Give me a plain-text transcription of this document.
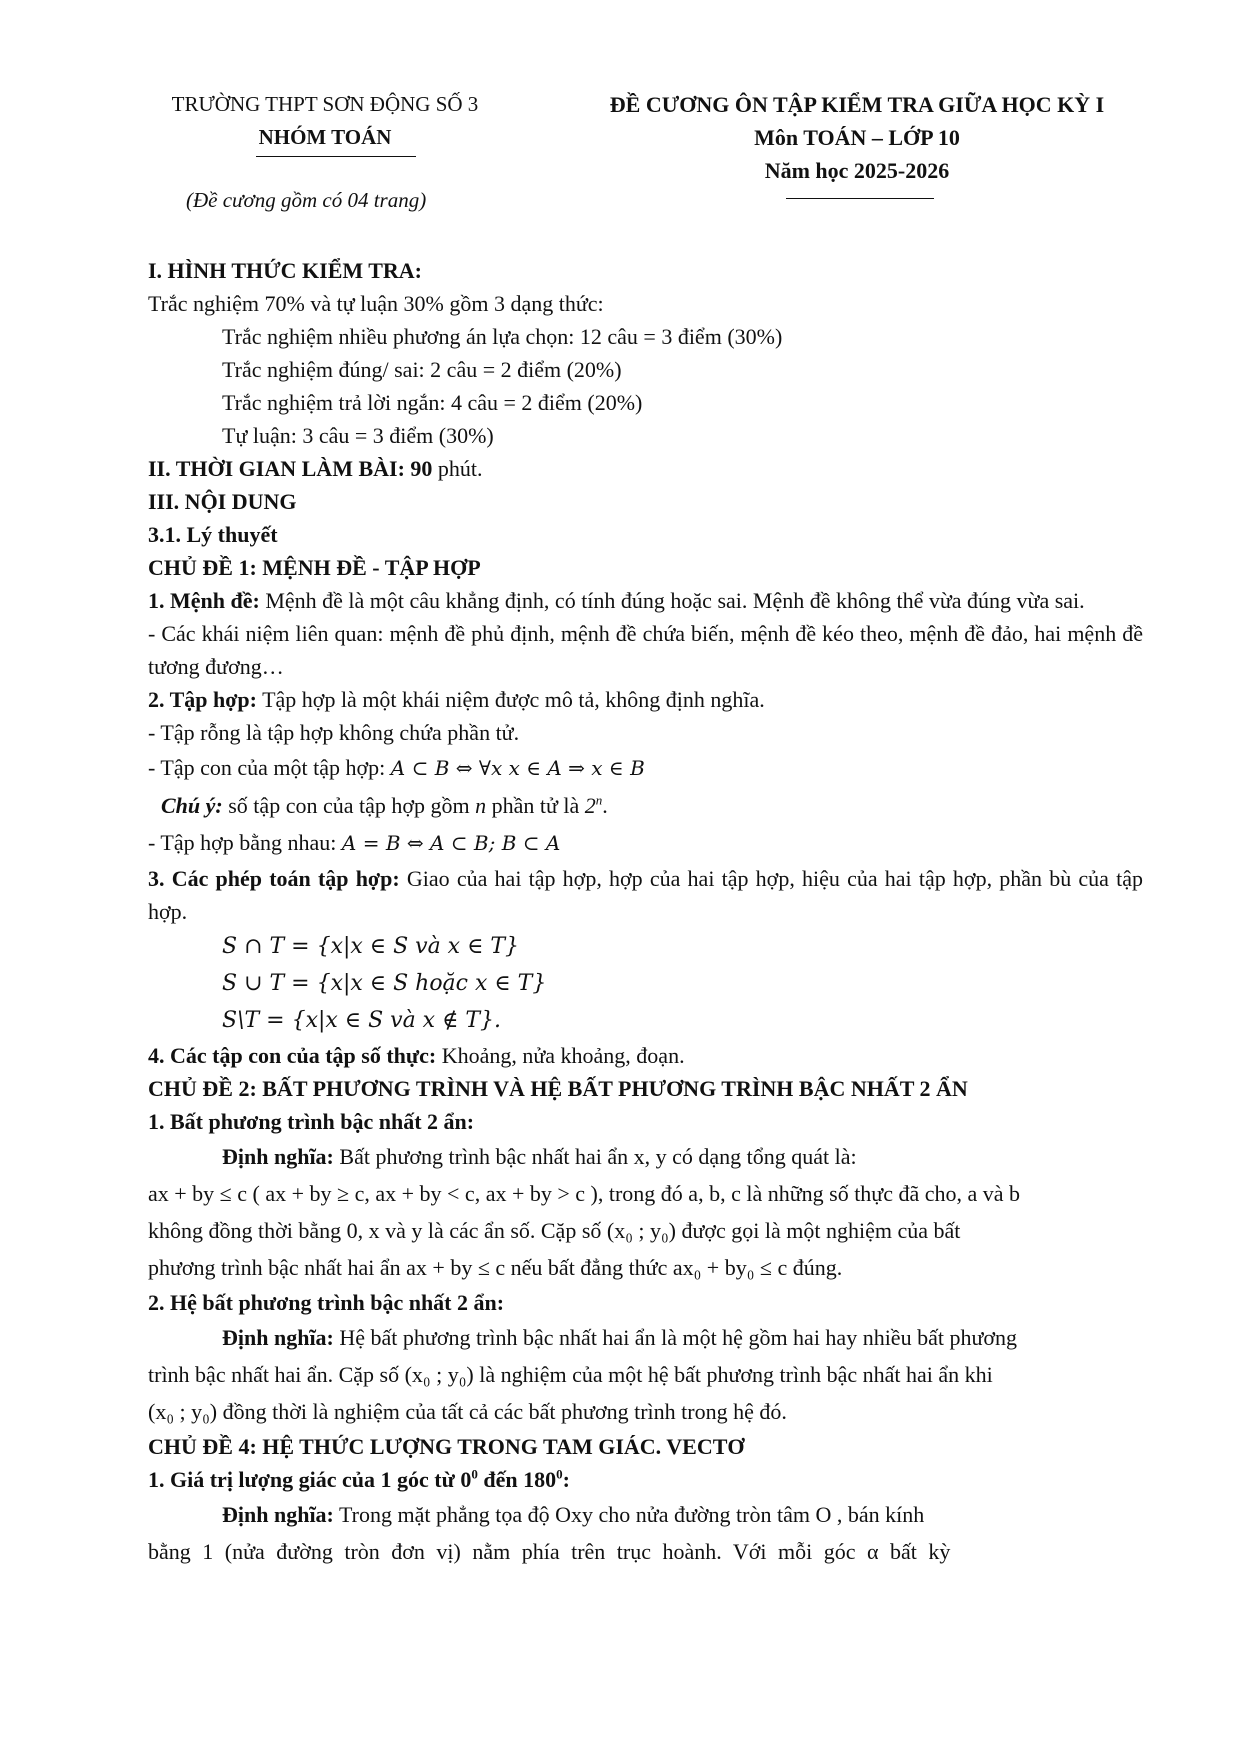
TRƯỜNG THPT SƠN ĐỘNG SỐ 3
NHÓM TOÁN
ĐỀ CƯƠNG ÔN TẬP KIỂM TRA GIỮA HỌC KỲ I
Môn TOÁN – LỚP 10
Năm học 2025-2026
(Đề cương gồm có 04 trang)

I. HÌNH THỨC KIỂM TRA:

Trắc nghiệm 70% và tự luận 30% gồm 3 dạng thức:

Trắc nghiệm nhiều phương án lựa chọn: 12 câu = 3 điểm (30%)

Trắc nghiệm đúng/ sai: 2 câu = 2 điểm (20%)

Trắc nghiệm trả lời ngắn: 4 câu = 2 điểm (20%)

Tự luận: 3 câu = 3 điểm (30%)

II. THỜI GIAN LÀM BÀI: 90 phút.

III. NỘI DUNG

3.1. Lý thuyết

CHỦ ĐỀ 1: MỆNH ĐỀ - TẬP HỢP

1. Mệnh đề: Mệnh đề là một câu khẳng định, có tính đúng hoặc sai. Mệnh đề không thể vừa đúng vừa sai.

- Các khái niệm liên quan: mệnh đề phủ định, mệnh đề chứa biến, mệnh đề kéo theo, mệnh đề đảo, hai mệnh đề tương đương…

2. Tập hợp: Tập hợp là một khái niệm được mô tả, không định nghĩa.

- Tập rỗng là tập hợp không chứa phần tử.

- Tập con của một tập hợp: A ⊂ B ⇔ ∀x x ∈ A ⇒ x ∈ B

Chú ý: số tập con của tập hợp gồm n phần tử là 2$^n$.

- Tập hợp bằng nhau: A = B ⇔ A ⊂ B; B ⊂ A

3. Các phép toán tập hợp: Giao của hai tập hợp, hợp của hai tập hợp, hiệu của hai tập hợp, phần bù của tập hợp.

S ∩ T = {x|x ∈ S và x ∈ T}

S ∪ T = {x|x ∈ S hoặc x ∈ T}

S\T = {x|x ∈ S và x ∉ T}.

4. Các tập con của tập số thực: Khoảng, nửa khoảng, đoạn.

CHỦ ĐỀ 2: BẤT PHƯƠNG TRÌNH VÀ HỆ BẤT PHƯƠNG TRÌNH BẬC NHẤT 2 ẨN

1. Bất phương trình bậc nhất 2 ẩn:

Định nghĩa: Bất phương trình bậc nhất hai ẩn x, y có dạng tổng quát là:

ax + by ≤ c ( ax + by ≥ c, ax + by < c, ax + by > c ), trong đó a, b, c là những số thực đã cho, a và b

không đồng thời bằng 0, x và y là các ẩn số. Cặp số (x₀ ; y₀) được gọi là một nghiệm của bất

phương trình bậc nhất hai ẩn ax + by ≤ c nếu bất đẳng thức ax₀ + by₀ ≤ c đúng.

2. Hệ bất phương trình bậc nhất 2 ẩn:

Định nghĩa: Hệ bất phương trình bậc nhất hai ẩn là một hệ gồm hai hay nhiều bất phương

trình bậc nhất hai ẩn. Cặp số (x₀ ; y₀) là nghiệm của một hệ bất phương trình bậc nhất hai ẩn khi

(x₀ ; y₀) đồng thời là nghiệm của tất cả các bất phương trình trong hệ đó.

CHỦ ĐỀ 4: HỆ THỨC LƯỢNG TRONG TAM GIÁC. VECTƠ

1. Giá trị lượng giác của 1 góc từ $0^0$ đến $180^0$:

Định nghĩa: Trong mặt phẳng tọa độ Oxy cho nửa đường tròn tâm O , bán kính

bằng 1 (nửa đường tròn đơn vị) nằm phía trên trục hoành. Với mỗi góc α bất kỳ
